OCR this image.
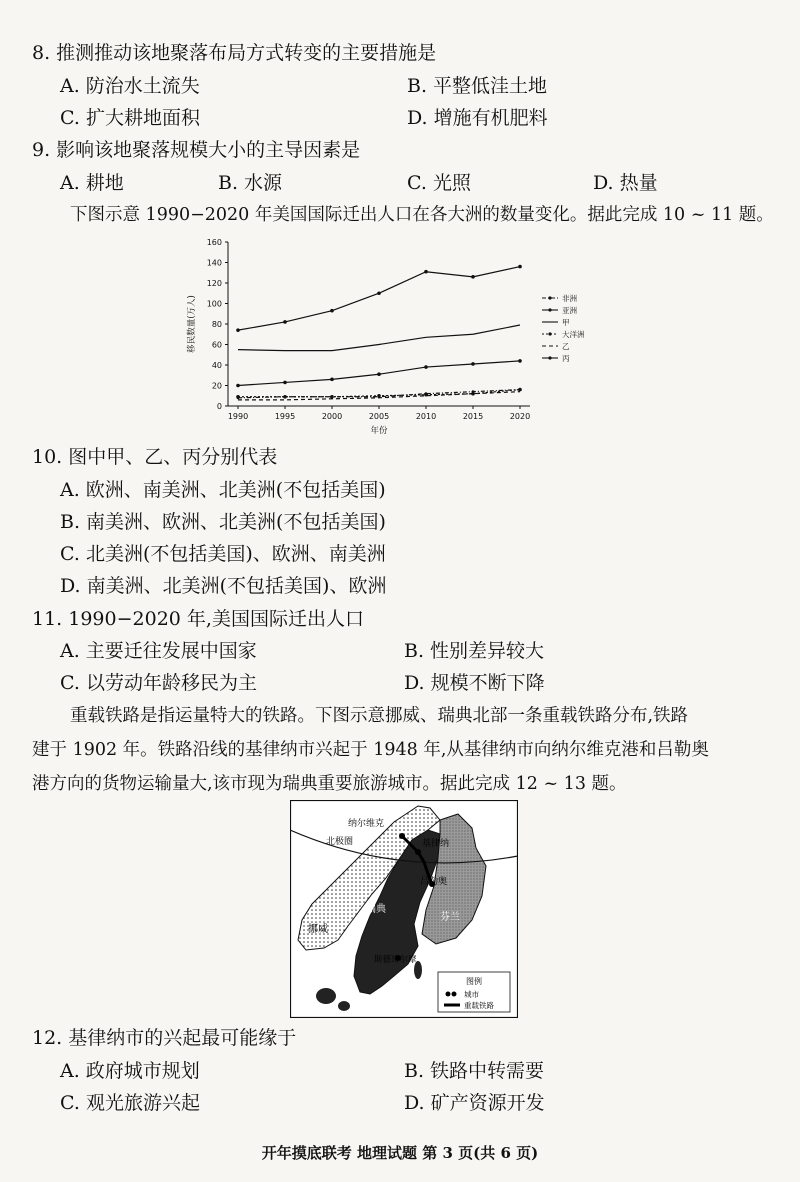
8. 推测推动该地聚落布局方式转变的主要措施是
A. 防治水土流失	B. 平整低洼土地
C. 扩大耕地面积	D. 增施有机肥料
9. 影响该地聚落规模大小的主导因素是
A. 耕地	B. 水源	C. 光照	D. 热量
下图示意 1990−2020 年美国国际迁出人口在各大洲的数量变化。据此完成 10 ~ 11 题。
0
20
40
60
80
100
120
140
160
1990	1995	2000	2005	2010	2015	2020
年份
移民数量(万人)	非洲
亚洲
甲
大洋洲
乙
丙
10. 图中甲、乙、丙分别代表
A. 欧洲、南美洲、北美洲(不包括美国)
B. 南美洲、欧洲、北美洲(不包括美国)
C. 北美洲(不包括美国)、欧洲、南美洲
D. 南美洲、北美洲(不包括美国)、欧洲
11. 1990−2020 年,美国国际迁出人口
A. 主要迁往发展中国家	B. 性别差异较大
C. 以劳动年龄移民为主	D. 规模不断下降
重载铁路是指运量特大的铁路。下图示意挪威、瑞典北部一条重载铁路分布,铁路
建于 1902 年。铁路沿线的基律纳市兴起于 1948 年,从基律纳市向纳尔维克港和吕勒奥
港方向的货物运输量大,该市现为瑞典重要旅游城市。据此完成 12 ~ 13 题。
纳尔维克
北极圈	基律纳
吕勒奥
瑞典
挪威
芬兰
斯德哥尔摩
图例
城市
重载铁路
12. 基律纳市的兴起最可能缘于
A. 政府城市规划	B. 铁路中转需要
C. 观光旅游兴起	D. 矿产资源开发
开年摸底联考 地理试题 第 3 页(共 6 页)
